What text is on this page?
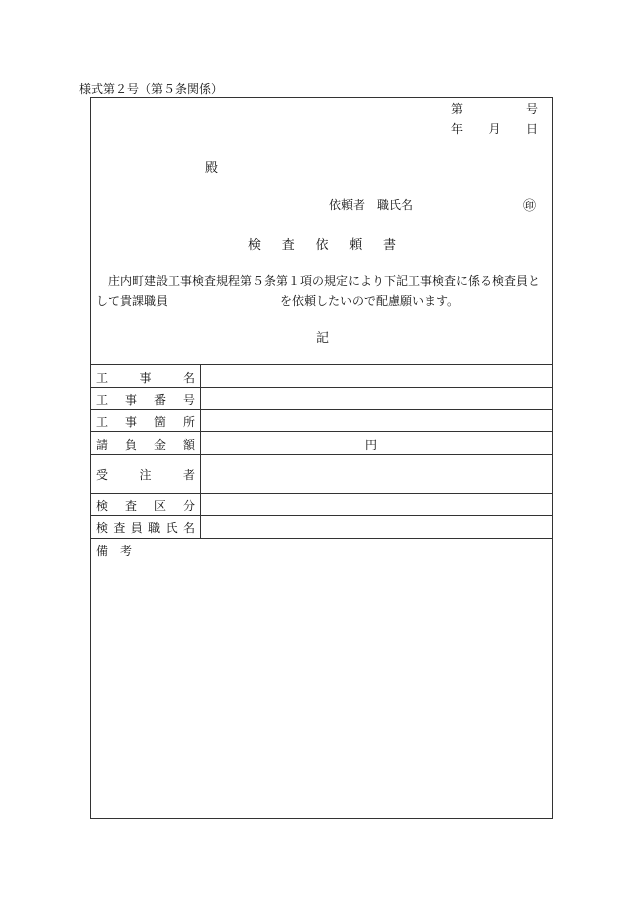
様式第２号（第５条関係）
第	号
年 月 日
殿
依頼者　職氏名	㊞
検 査 依 頼 書
庄内町建設工事検査規程第５条第１項の規定により下記工事検査に係る検査員と
して貴課職員	を依頼したいので配慮願います。
記
工	事	名
工 事 番 号
工 事 箇 所
請 負 金 額	円
受	注	者
検 査 区 分
検 査 員 職 氏 名
備 考
